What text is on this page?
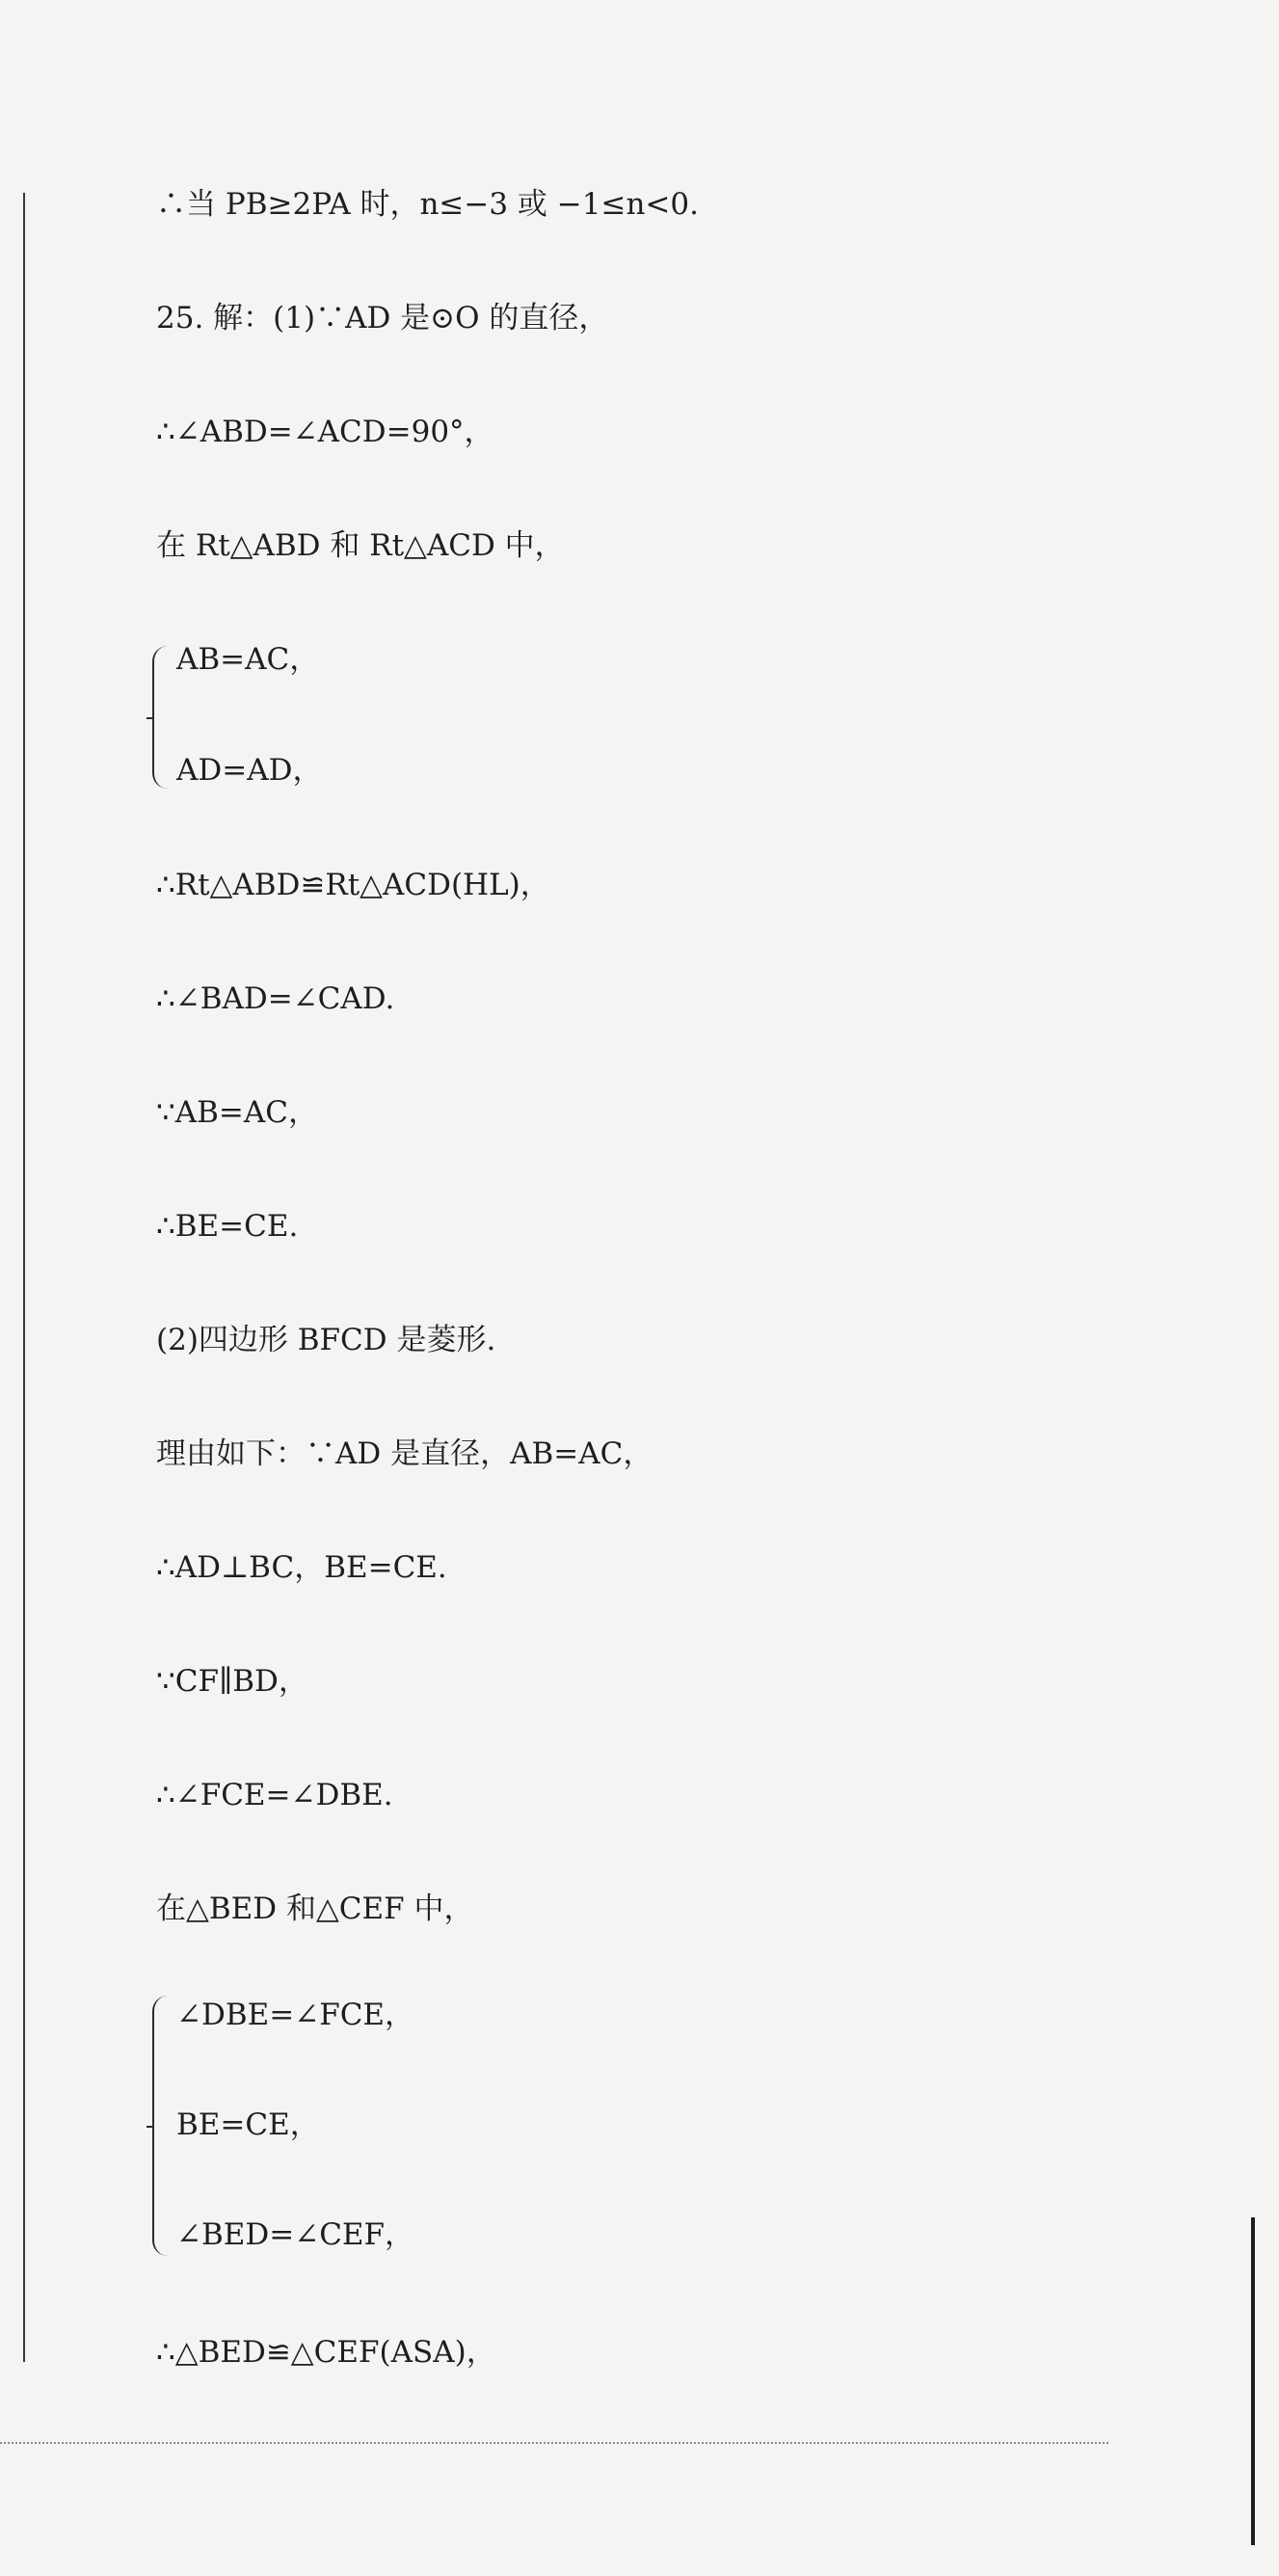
∴当 PB≥2PA 时，n≤−3 或 −1≤n<0.
25. 解：(1)∵AD 是⊙O 的直径，
∴∠ABD=∠ACD=90°，
在 Rt△ABD 和 Rt△ACD 中，
AB=AC，
AD=AD，
∴Rt△ABD≌Rt△ACD(HL)，
∴∠BAD=∠CAD.
∵AB=AC，
∴BE=CE.
(2)四边形 BFCD 是菱形.
理由如下：∵AD 是直径，AB=AC，
∴AD⊥BC，BE=CE.
∵CF∥BD，
∴∠FCE=∠DBE.
在△BED 和△CEF 中，
∠DBE=∠FCE，
BE=CE，
∠BED=∠CEF，
∴△BED≌△CEF(ASA)，
